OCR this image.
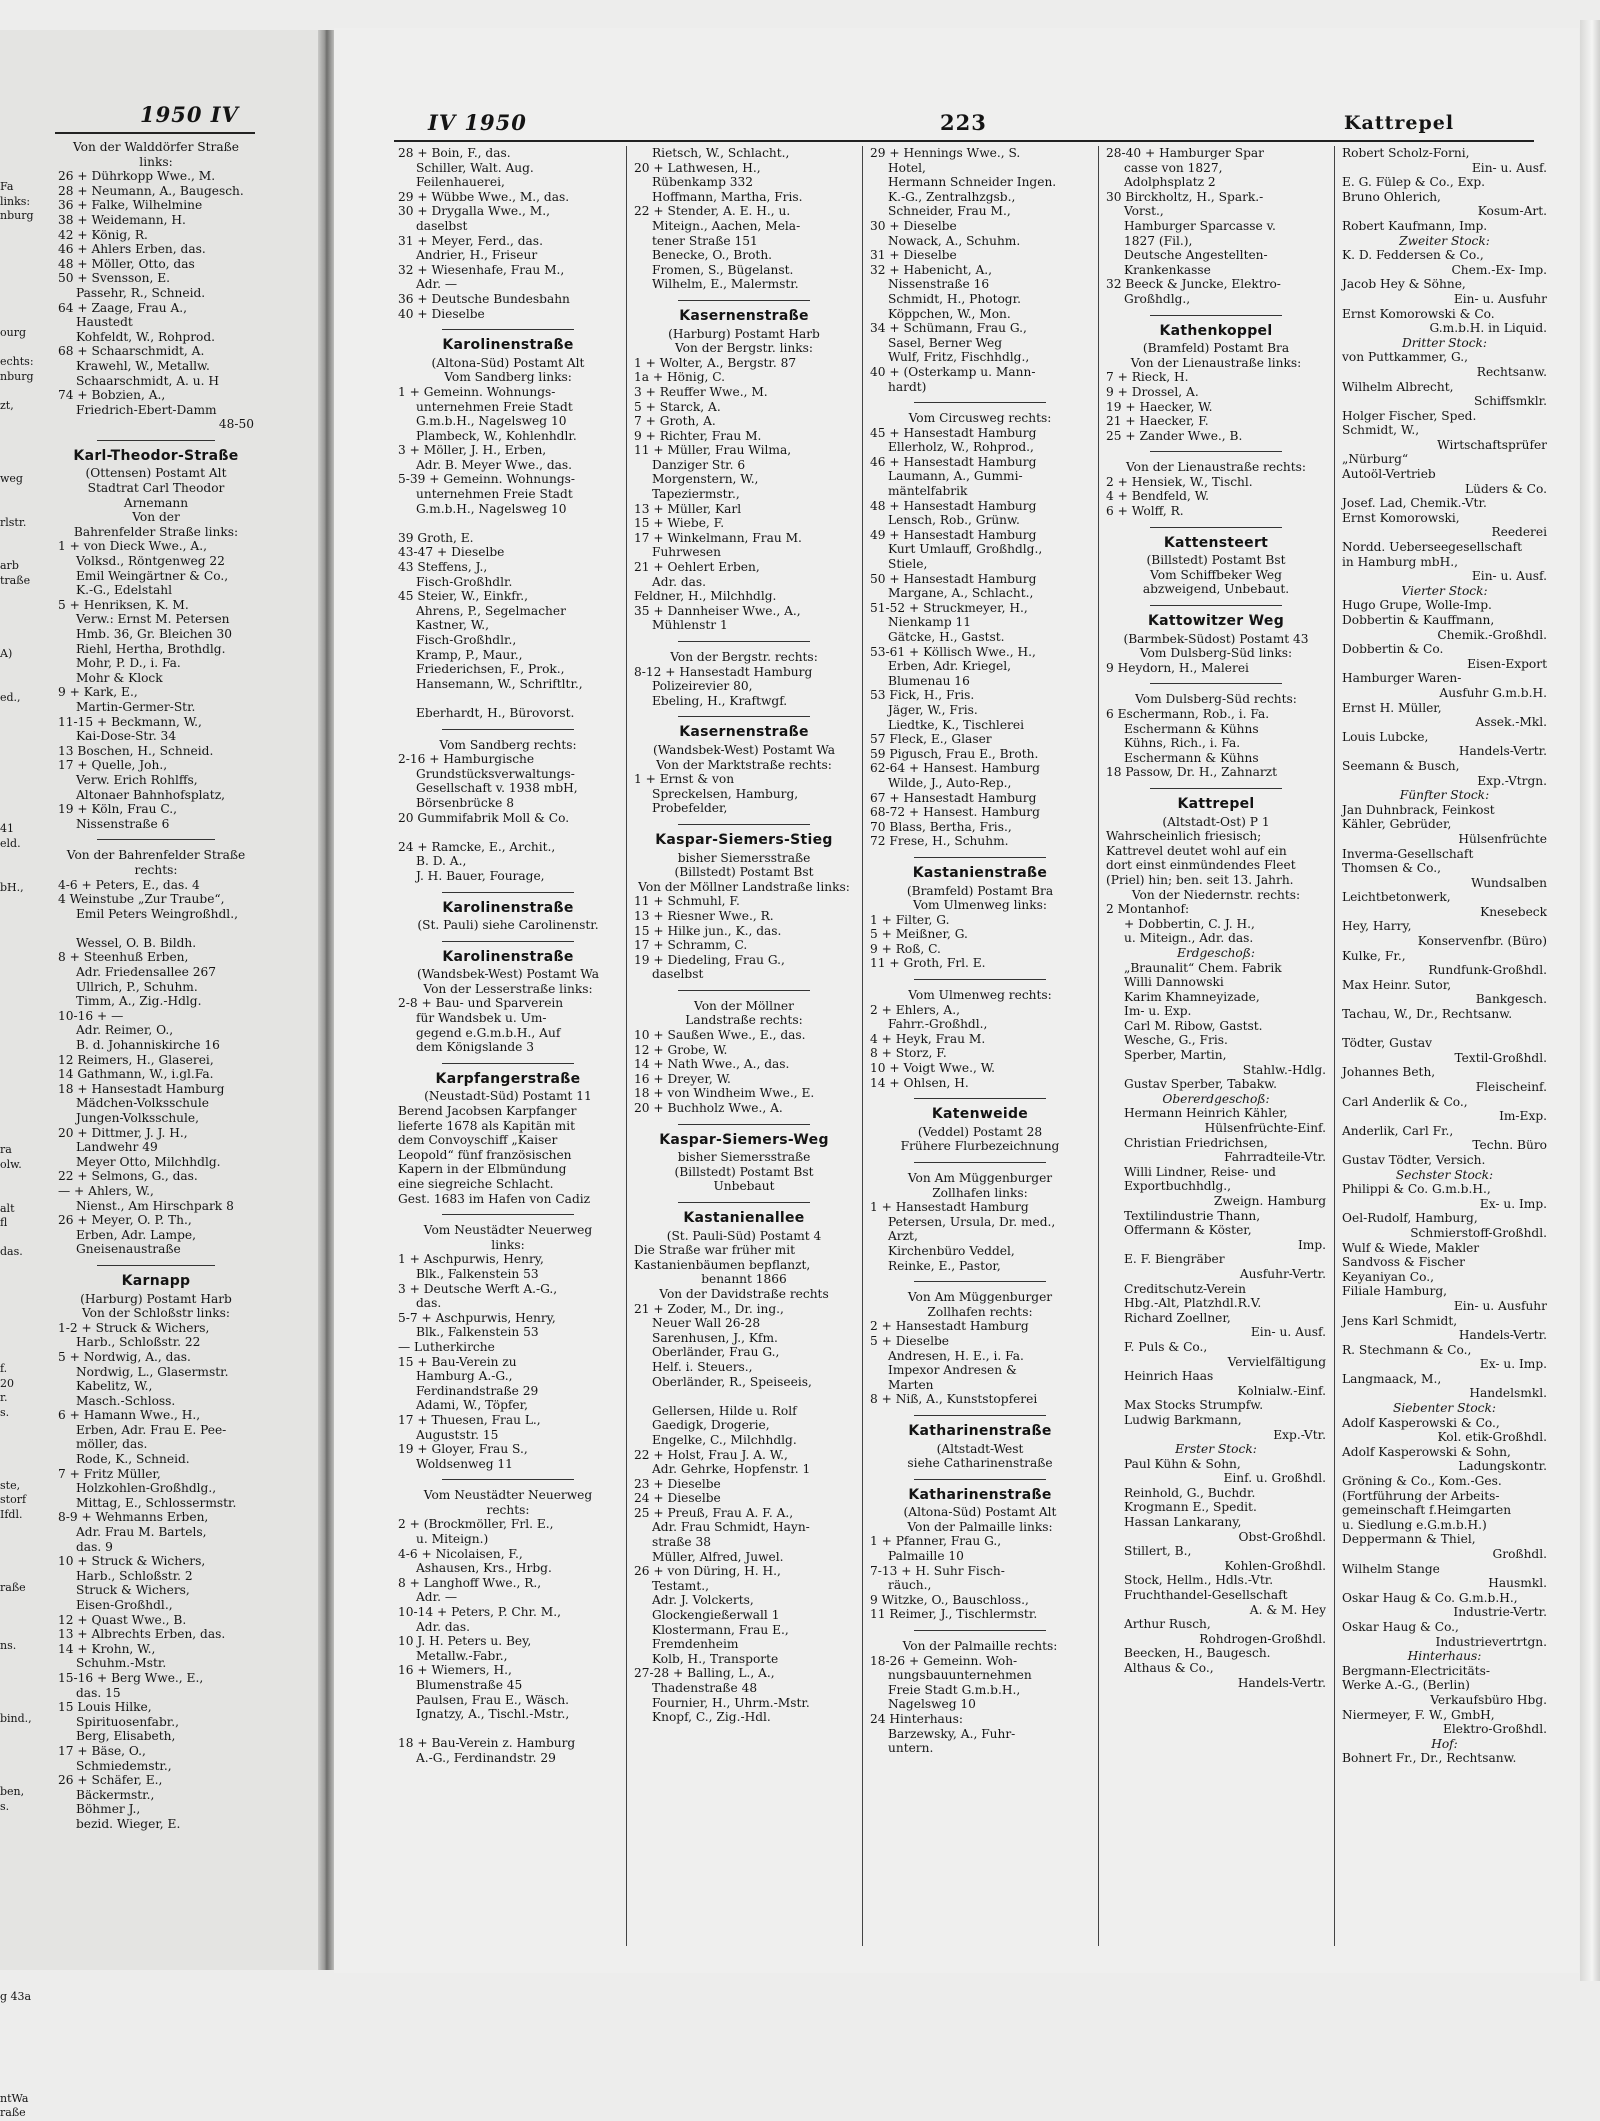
1950 IV
Fa
links:
nburg

ourg

echts:
nburg

zt,

weg

rlstr.

arb
traße

A)

ed.,

41
eld.

bH.,

ra
olw.

alt
fl

das.

f.
20
r.
s.

ste,
storf
Ifdl.

raße

ns.

bind.,

ben,
s.

g 43a

ntWa
raße
Von der Walddörfer Straße
links:
26 + Dührkopp Wwe., M.
28 + Neumann, A., Baugesch.
36 + Falke, Wilhelmine
38 + Weidemann, H.
42 + König, R.
46 + Ahlers Erben, das.
48 + Möller, Otto, das
50 + Svensson, E.
Passehr, R., Schneid.
64 + Zaage, Frau A.,
Haustedt
Kohfeldt, W., Rohprod.
68 + Schaarschmidt, A.
Krawehl, W., Metallw.
Schaarschmidt, A. u. H
74 + Bobzien, A.,
Friedrich-Ebert-Damm
48-50
Karl-Theodor-Straße
(Ottensen) Postamt Alt
Stadtrat Carl Theodor
Arnemann
Von der
Bahrenfelder Straße links:
1 + von Dieck Wwe., A.,
Volksd., Röntgenweg 22
Emil Weingärtner & Co.,
K.-G., Edelstahl
5 + Henriksen, K. M.
Verw.: Ernst M. Petersen
Hmb. 36, Gr. Bleichen 30
Riehl, Hertha, Brothdlg.
Mohr, P. D., i. Fa.
Mohr & Klock
9 + Kark, E.,
Martin-Germer-Str.
11-15 + Beckmann, W.,
Kai-Dose-Str. 34
13 Boschen, H., Schneid.
17 + Quelle, Joh.,
Verw. Erich Rohlffs,
Altonaer Bahnhofsplatz,
19 + Köln, Frau C.,
Nissenstraße 6
Von der Bahrenfelder Straße
rechts:
4-6 + Peters, E., das. 4
4 Weinstube „Zur Traube“,
Emil Peters Weingroßhdl.,

Wessel, O. B. Bildh.
8 + Steenhuß Erben,
Adr. Friedensallee 267
Ullrich, P., Schuhm.
Timm, A., Zig.-Hdlg.
10-16 + —
Adr. Reimer, O.,
B. d. Johanniskirche 16
12 Reimers, H., Glaserei,
14 Gathmann, W., i.gl.Fa.
18 + Hansestadt Hamburg
Mädchen-Volksschule
Jungen-Volksschule,
20 + Dittmer, J. J. H.,
Landwehr 49
Meyer Otto, Milchhdlg.
22 + Selmons, G., das.
— + Ahlers, W.,
Nienst., Am Hirschpark 8
26 + Meyer, O. P. Th.,
Erben, Adr. Lampe,
Gneisenaustraße
Karnapp
(Harburg) Postamt Harb
Von der Schloßstr links:
1-2 + Struck & Wichers,
Harb., Schloßstr. 22
5 + Nordwig, A., das.
Nordwig, L., Glasermstr.
Kabelitz, W.,
Masch.-Schloss.
6 + Hamann Wwe., H.,
Erben, Adr. Frau E. Pee-
möller, das.
Rode, K., Schneid.
7 + Fritz Müller,
Holzkohlen-Großhdlg.,
Mittag, E., Schlossermstr.
8-9 + Wehmanns Erben,
Adr. Frau M. Bartels,
das. 9
10 + Struck & Wichers,
Harb., Schloßstr. 2
Struck & Wichers,
Eisen-Großhdl.,
12 + Quast Wwe., B.
13 + Albrechts Erben, das.
14 + Krohn, W.,
Schuhm.-Mstr.
15-16 + Berg Wwe., E.,
das. 15
15 Louis Hilke,
Spirituosenfabr.,
Berg, Elisabeth,
17 + Bäse, O.,
Schmiedemstr.,
26 + Schäfer, E.,
Bäckermstr.,
Böhmer J.,
bezid. Wieger, E.
IV 1950	223	Kattrepel
28 + Boin, F., das.
Schiller, Walt. Aug.
Feilenhauerei,
29 + Wübbe Wwe., M., das.
30 + Drygalla Wwe., M.,
daselbst
31 + Meyer, Ferd., das.
Andrier, H., Friseur
32 + Wiesenhafe, Frau M.,
Adr. —
36 + Deutsche Bundesbahn
40 + Dieselbe
Karolinenstraße
(Altona-Süd) Postamt Alt
Vom Sandberg links:
1 + Gemeinn. Wohnungs-
unternehmen Freie Stadt
G.m.b.H., Nagelsweg 10
Plambeck, W., Kohlenhdlr.
3 + Möller, J. H., Erben,
Adr. B. Meyer Wwe., das.
5-39 + Gemeinn. Wohnungs-
unternehmen Freie Stadt
G.m.b.H., Nagelsweg 10

39 Groth, E.
43-47 + Dieselbe
43 Steffens, J.,
Fisch-Großhdlr.
45 Steier, W., Einkfr.,
Ahrens, P., Segelmacher
Kastner, W.,
Fisch-Großhdlr.,
Kramp, P., Maur.,
Friederichsen, F., Prok.,
Hansemann, W., Schriftltr.,

Eberhardt, H., Bürovorst.
Vom Sandberg rechts:
2-16 + Hamburgische
Grundstücksverwaltungs-
Gesellschaft v. 1938 mbH,
Börsenbrücke 8
20 Gummifabrik Moll & Co.

24 + Ramcke, E., Archit.,
B. D. A.,
J. H. Bauer, Fourage,
Karolinenstraße
(St. Pauli) siehe Carolinenstr.
Karolinenstraße
(Wandsbek-West) Postamt Wa
Von der Lesserstraße links:
2-8 + Bau- und Sparverein
für Wandsbek u. Um-
gegend e.G.m.b.H., Auf
dem Königslande 3
Karpfangerstraße
(Neustadt-Süd) Postamt 11
Berend Jacobsen Karpfanger
lieferte 1678 als Kapitän mit
dem Convoyschiff „Kaiser
Leopold“ fünf französischen
Kapern in der Elbmündung
eine siegreiche Schlacht.
Gest. 1683 im Hafen von Cadiz
Vom Neustädter Neuerweg
links:
1 + Aschpurwis, Henry,
Blk., Falkenstein 53
3 + Deutsche Werft A.-G.,
das.
5-7 + Aschpurwis, Henry,
Blk., Falkenstein 53
— Lutherkirche
15 + Bau-Verein zu
Hamburg A.-G.,
Ferdinandstraße 29
Adami, W., Töpfer,
17 + Thuesen, Frau L.,
Auguststr. 15
19 + Gloyer, Frau S.,
Woldsenweg 11
Vom Neustädter Neuerweg
rechts:
2 + (Brockmöller, Frl. E.,
u. Miteign.)
4-6 + Nicolaisen, F.,
Ashausen, Krs., Hrbg.
8 + Langhoff Wwe., R.,
Adr. —
10-14 + Peters, P. Chr. M.,
Adr. das.
10 J. H. Peters u. Bey,
Metallw.-Fabr.,
16 + Wiemers, H.,
Blumenstraße 45
Paulsen, Frau E., Wäsch.
Ignatzy, A., Tischl.-Mstr.,

18 + Bau-Verein z. Hamburg
A.-G., Ferdinandstr. 29
Rietsch, W., Schlacht.,
20 + Lathwesen, H.,
Rübenkamp 332
Hoffmann, Martha, Fris.
22 + Stender, A. E. H., u.
Miteign., Aachen, Mela-
tener Straße 151
Benecke, O., Broth.
Fromen, S., Bügelanst.
Wilhelm, E., Malermstr.
Kasernenstraße
(Harburg) Postamt Harb
Von der Bergstr. links:
1 + Wolter, A., Bergstr. 87
1a + Hönig, C.
3 + Reuffer Wwe., M.
5 + Starck, A.
7 + Groth, A.
9 + Richter, Frau M.
11 + Müller, Frau Wilma,
Danziger Str. 6
Morgenstern, W.,
Tapeziermstr.,
13 + Müller, Karl
15 + Wiebe, F.
17 + Winkelmann, Frau M.
Fuhrwesen
21 + Oehlert Erben,
Adr. das.
Feldner, H., Milchhdlg.
35 + Dannheiser Wwe., A.,
Mühlenstr 1
Von der Bergstr. rechts:
8-12 + Hansestadt Hamburg
Polizeirevier 80,
Ebeling, H., Kraftwgf.
Kasernenstraße
(Wandsbek-West) Postamt Wa
Von der Marktstraße rechts:
1 + Ernst & von
Spreckelsen, Hamburg,
Probefelder,
Kaspar-Siemers-Stieg
bisher Siemersstraße
(Billstedt) Postamt Bst
Von der Möllner Landstraße links:
11 + Schmuhl, F.
13 + Riesner Wwe., R.
15 + Hilke jun., K., das.
17 + Schramm, C.
19 + Diedeling, Frau G.,
daselbst
Von der Möllner
Landstraße rechts:
10 + Saußen Wwe., E., das.
12 + Grobe, W.
14 + Nath Wwe., A., das.
16 + Dreyer, W.
18 + von Windheim Wwe., E.
20 + Buchholz Wwe., A.
Kaspar-Siemers-Weg
bisher Siemersstraße
(Billstedt) Postamt Bst
Unbebaut
Kastanienallee
(St. Pauli-Süd) Postamt 4
Die Straße war früher mit
Kastanienbäumen bepflanzt,
benannt 1866
Von der Davidstraße rechts
21 + Zoder, M., Dr. ing.,
Neuer Wall 26-28
Sarenhusen, J., Kfm.
Oberländer, Frau G.,
Helf. i. Steuers.,
Oberländer, R., Speiseeis,

Gellersen, Hilde u. Rolf
Gaedigk, Drogerie,
Engelke, C., Milchhdlg.
22 + Holst, Frau J. A. W.,
Adr. Gehrke, Hopfenstr. 1
23 + Dieselbe
24 + Dieselbe
25 + Preuß, Frau A. F. A.,
Adr. Frau Schmidt, Hayn-
straße 38
Müller, Alfred, Juwel.
26 + von Düring, H. H.,
Testamt.,
Adr. J. Volckerts,
Glockengießerwall 1
Klostermann, Frau E.,
Fremdenheim
Kolb, H., Transporte
27-28 + Balling, L., A.,
Thadenstraße 48
Fournier, H., Uhrm.-Mstr.
Knopf, C., Zig.-Hdl.
29 + Hennings Wwe., S.
Hotel,
Hermann Schneider Ingen.
K.-G., Zentralhzgsb.,
Schneider, Frau M.,
30 + Dieselbe
Nowack, A., Schuhm.
31 + Dieselbe
32 + Habenicht, A.,
Nissenstraße 16
Schmidt, H., Photogr.
Köppchen, W., Mon.
34 + Schümann, Frau G.,
Sasel, Berner Weg
Wulf, Fritz, Fischhdlg.,
40 + (Osterkamp u. Mann-
hardt)
Vom Circusweg rechts:
45 + Hansestadt Hamburg
Ellerholz, W., Rohprod.,
46 + Hansestadt Hamburg
Laumann, A., Gummi-
mäntelfabrik
48 + Hansestadt Hamburg
Lensch, Rob., Grünw.
49 + Hansestadt Hamburg
Kurt Umlauff, Großhdlg.,
Stiele,
50 + Hansestadt Hamburg
Margane, A., Schlacht.,
51-52 + Struckmeyer, H.,
Nienkamp 11
Gätcke, H., Gastst.
53-61 + Köllisch Wwe., H.,
Erben, Adr. Kriegel,
Blumenau 16
53 Fick, H., Fris.
Jäger, W., Fris.
Liedtke, K., Tischlerei
57 Fleck, E., Glaser
59 Pigusch, Frau E., Broth.
62-64 + Hansest. Hamburg
Wilde, J., Auto-Rep.,
67 + Hansestadt Hamburg
68-72 + Hansest. Hamburg
70 Blass, Bertha, Fris.,
72 Frese, H., Schuhm.
Kastanienstraße
(Bramfeld) Postamt Bra
Vom Ulmenweg links:
1 + Filter, G.
5 + Meißner, G.
9 + Roß, C.
11 + Groth, Frl. E.
Vom Ulmenweg rechts:
2 + Ehlers, A.,
Fahrr.-Großhdl.,
4 + Heyk, Frau M.
8 + Storz, F.
10 + Voigt Wwe., W.
14 + Ohlsen, H.
Katenweide
(Veddel) Postamt 28
Frühere Flurbezeichnung
Von Am Müggenburger
Zollhafen links:
1 + Hansestadt Hamburg
Petersen, Ursula, Dr. med.,
Arzt,
Kirchenbüro Veddel,
Reinke, E., Pastor,
Von Am Müggenburger
Zollhafen rechts:
2 + Hansestadt Hamburg
5 + Dieselbe
Andresen, H. E., i. Fa.
Impexor Andresen &
Marten
8 + Niß, A., Kunststopferei
Katharinenstraße
(Altstadt-West
siehe Catharinenstraße
Katharinenstraße
(Altona-Süd) Postamt Alt
Von der Palmaille links:
1 + Pfanner, Frau G.,
Palmaille 10
7-13 + H. Suhr Fisch-
räuch.,
9 Witzke, O., Bauschloss.,
11 Reimer, J., Tischlermstr.
Von der Palmaille rechts:
18-26 + Gemeinn. Woh-
nungsbauunternehmen
Freie Stadt G.m.b.H.,
Nagelsweg 10
24 Hinterhaus:
Barzewsky, A., Fuhr-
untern.
28-40 + Hamburger Spar
casse von 1827,
Adolphsplatz 2
30 Birckholtz, H., Spark.-
Vorst.,
Hamburger Sparcasse v.
1827 (Fil.),
Deutsche Angestellten-
Krankenkasse
32 Beeck & Juncke, Elektro-
Großhdlg.,
Kathenkoppel
(Bramfeld) Postamt Bra
Von der Lienaustraße links:
7 + Rieck, H.
9 + Drossel, A.
19 + Haecker, W.
21 + Haecker, F.
25 + Zander Wwe., B.
Von der Lienaustraße rechts:
2 + Hensiek, W., Tischl.
4 + Bendfeld, W.
6 + Wolff, R.
Kattensteert
(Billstedt) Postamt Bst
Vom Schiffbeker Weg
abzweigend, Unbebaut.
Kattowitzer Weg
(Barmbek-Südost) Postamt 43
Vom Dulsberg-Süd links:
9 Heydorn, H., Malerei
Vom Dulsberg-Süd rechts:
6 Eschermann, Rob., i. Fa.
Eschermann & Kühns
Kühns, Rich., i. Fa.
Eschermann & Kühns
18 Passow, Dr. H., Zahnarzt
Kattrepel
(Altstadt-Ost) P 1
Wahrscheinlich friesisch;
Kattrevel deutet wohl auf ein
dort einst einmündendes Fleet
(Priel) hin; ben. seit 13. Jahrh.
Von der Niedernstr. rechts:
2 Montanhof:
+ Dobbertin, C. J. H.,
u. Miteign., Adr. das.
Erdgeschoß:
„Braunalit“ Chem. Fabrik
Willi Dannowski
Karim Khamneyizade,
Im- u. Exp.
Carl M. Ribow, Gastst.
Wesche, G., Fris.
Sperber, Martin,
Stahlw.-Hdlg.
Gustav Sperber, Tabakw.
Obererdgeschoß:
Hermann Heinrich Kähler,
Hülsenfrüchte-Einf.
Christian Friedrichsen,
Fahrradteile-Vtr.
Willi Lindner, Reise- und
Exportbuchhdlg.,
Zweign. Hamburg
Textilindustrie Thann,
Offermann & Köster,
Imp.
E. F. Biengräber
Ausfuhr-Vertr.
Creditschutz-Verein
Hbg.-Alt, Platzhdl.R.V.
Richard Zoellner,
Ein- u. Ausf.
F. Puls & Co.,
Vervielfältigung
Heinrich Haas
Kolnialw.-Einf.
Max Stocks Strumpfw.
Ludwig Barkmann,
Exp.-Vtr.
Erster Stock:
Paul Kühn & Sohn,
Einf. u. Großhdl.
Reinhold, G., Buchdr.
Krogmann E., Spedit.
Hassan Lankarany,
Obst-Großhdl.
Stillert, B.,
Kohlen-Großhdl.
Stock, Hellm., Hdls.-Vtr.
Fruchthandel-Gesellschaft
A. & M. Hey
Arthur Rusch,
Rohdrogen-Großhdl.
Beecken, H., Baugesch.
Althaus & Co.,
Handels-Vertr.
Robert Scholz-Forni,
Ein- u. Ausf.
E. G. Fülep & Co., Exp.
Bruno Ohlerich,
Kosum-Art.
Robert Kaufmann, Imp.
Zweiter Stock:
K. D. Feddersen & Co.,
Chem.-Ex- Imp.
Jacob Hey & Söhne,
Ein- u. Ausfuhr
Ernst Komorowski & Co.
G.m.b.H. in Liquid.
Dritter Stock:
von Puttkammer, G.,
Rechtsanw.
Wilhelm Albrecht,
Schiffsmklr.
Holger Fischer, Sped.
Schmidt, W.,
Wirtschaftsprüfer
„Nürburg“
Autoöl-Vertrieb
Lüders & Co.
Josef. Lad, Chemik.-Vtr.
Ernst Komorowski,
Reederei
Nordd. Ueberseegesellschaft
in Hamburg mbH.,
Ein- u. Ausf.
Vierter Stock:
Hugo Grupe, Wolle-Imp.
Dobbertin & Kauffmann,
Chemik.-Großhdl.
Dobbertin & Co.
Eisen-Export
Hamburger Waren-
Ausfuhr G.m.b.H.
Ernst H. Müller,
Assek.-Mkl.
Louis Lubcke,
Handels-Vertr.
Seemann & Busch,
Exp.-Vtrgn.
Fünfter Stock:
Jan Duhnbrack, Feinkost
Kähler, Gebrüder,
Hülsenfrüchte
Inverma-Gesellschaft
Thomsen & Co.,
Wundsalben
Leichtbetonwerk,
Knesebeck
Hey, Harry,
Konservenfbr. (Büro)
Kulke, Fr.,
Rundfunk-Großhdl.
Max Heinr. Sutor,
Bankgesch.
Tachau, W., Dr., Rechtsanw.

Tödter, Gustav
Textil-Großhdl.
Johannes Beth,
Fleischeinf.
Carl Anderlik & Co.,
Im-Exp.
Anderlik, Carl Fr.,
Techn. Büro
Gustav Tödter, Versich.
Sechster Stock:
Philippi & Co. G.m.b.H.,
Ex- u. Imp.
Oel-Rudolf, Hamburg,
Schmierstoff-Großhdl.
Wulf & Wiede, Makler
Sandvoss & Fischer
Keyaniyan Co.,
Filiale Hamburg,
Ein- u. Ausfuhr
Jens Karl Schmidt,
Handels-Vertr.
R. Stechmann & Co.,
Ex- u. Imp.
Langmaack, M.,
Handelsmkl.
Siebenter Stock:
Adolf Kasperowski & Co.,
Kol. etik-Großhdl.
Adolf Kasperowski & Sohn,
Ladungskontr.
Gröning & Co., Kom.-Ges.
(Fortführung der Arbeits-
gemeinschaft f.Heimgarten
u. Siedlung e.G.m.b.H.)
Deppermann & Thiel,
Großhdl.
Wilhelm Stange
Hausmkl.
Oskar Haug & Co. G.m.b.H.,
Industrie-Vertr.
Oskar Haug & Co.,
Industrievertrtgn.
Hinterhaus:
Bergmann-Electricitäts-
Werke A.-G., (Berlin)
Verkaufsbüro Hbg.
Niermeyer, F. W., GmbH,
Elektro-Großhdl.
Hof:
Bohnert Fr., Dr., Rechtsanw.
